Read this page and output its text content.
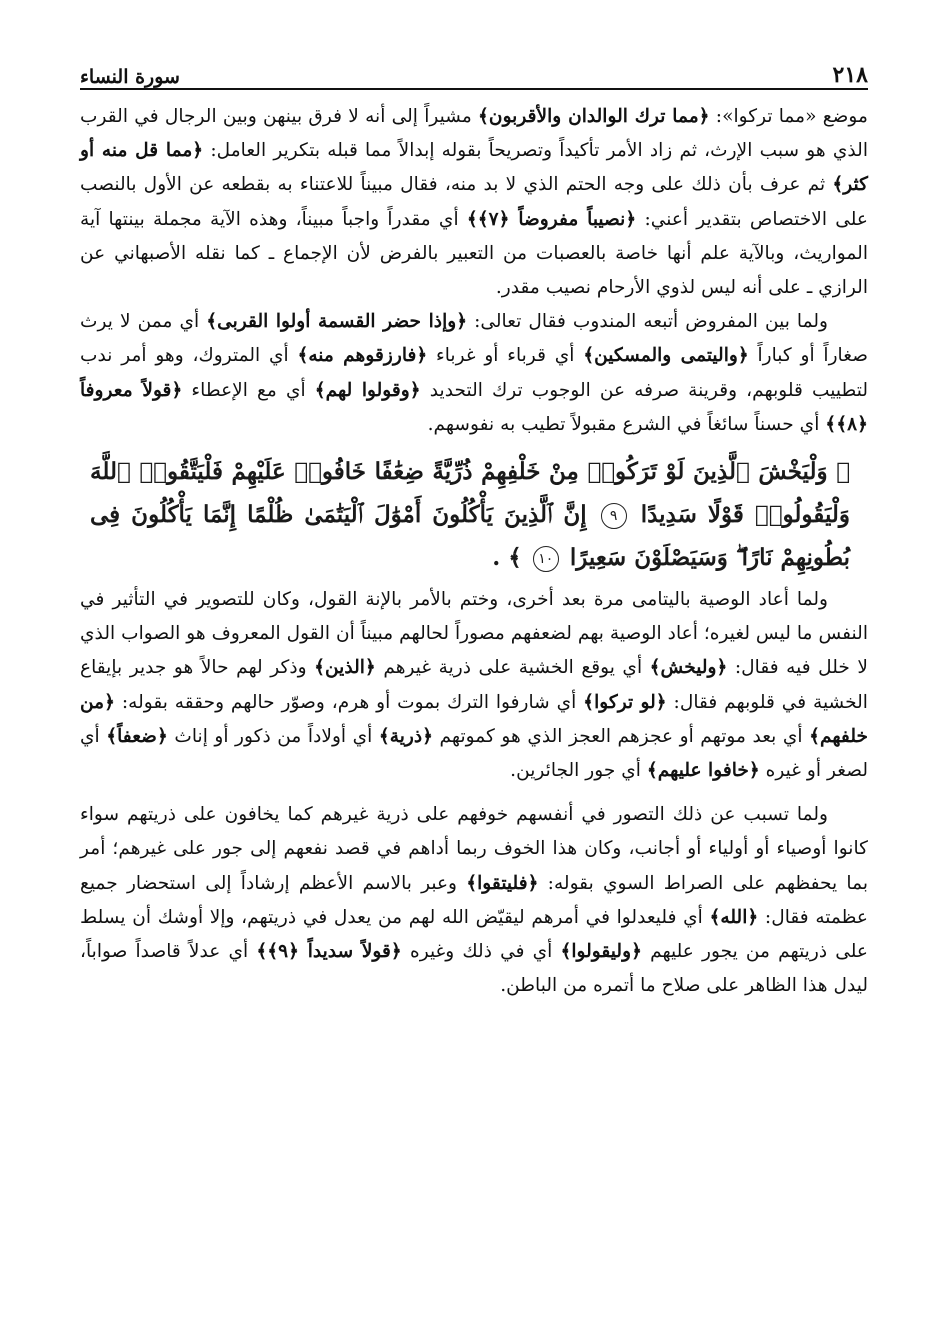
٢١٨
سورة النساء

موضع «مما تركوا»: ﴿مما ترك الوالدان والأقربون﴾ مشيراً إلى أنه لا فرق بينهن وبين الرجال في القرب الذي هو سبب الإرث، ثم زاد الأمر تأكيداً وتصريحاً بقوله إبدالاً مما قبله بتكرير العامل: ﴿مما قل منه أو كثر﴾ ثم عرف بأن ذلك على وجه الحتم الذي لا بد منه، فقال مبيناً للاعتناء به بقطعه عن الأول بالنصب على الاختصاص بتقدير أعني: ﴿نصيباً مفروضاً ﴿٧﴾﴾ أي مقدراً واجباً مبيناً، وهذه الآية مجملة بينتها آية المواريث، وبالآية علم أنها خاصة بالعصبات من التعبير بالفرض لأن الإجماع ـ كما نقله الأصبهاني عن الرازي ـ على أنه ليس لذوي الأرحام نصيب مقدر.

ولما بين المفروض أتبعه المندوب فقال تعالى: ﴿وإذا حضر القسمة أولوا القربى﴾ أي ممن لا يرث صغاراً أو كباراً ﴿واليتمى والمسكين﴾ أي قرباء أو غرباء ﴿فارزقوهم منه﴾ أي المتروك، وهو أمر ندب لتطييب قلوبهم، وقرينة صرفه عن الوجوب ترك التحديد ﴿وقولوا لهم﴾ أي مع الإعطاء ﴿قولاً معروفاً ﴿٨﴾﴾ أي حسناً سائغاً في الشرع مقبولاً تطيب به نفوسهم.

﴿ وَلْيَخْشَ ٱلَّذِينَ لَوْ تَرَكُوا۟ مِنْ خَلْفِهِمْ ذُرِّيَّةً ضِعَٰفًا خَافُوا۟ عَلَيْهِمْ فَلْيَتَّقُوا۟ ٱللَّهَ وَلْيَقُولُوا۟ قَوْلًا سَدِيدًا ٩ إِنَّ ٱلَّذِينَ يَأْكُلُونَ أَمْوَٰلَ ٱلْيَتَٰمَىٰ ظُلْمًا إِنَّمَا يَأْكُلُونَ فِى بُطُونِهِمْ نَارًا ۖ وَسَيَصْلَوْنَ سَعِيرًا ١٠ ﴾ .

ولما أعاد الوصية باليتامى مرة بعد أخرى، وختم بالأمر بالإنة القول، وكان للتصوير في التأثير في النفس ما ليس لغيره؛ أعاد الوصية بهم لضعفهم مصوراً لحالهم مبيناً أن القول المعروف هو الصواب الذي لا خلل فيه فقال: ﴿وليخش﴾ أي يوقع الخشية على ذرية غيرهم ﴿الذين﴾ وذكر لهم حالاً هو جدير بإيقاع الخشية في قلوبهم فقال: ﴿لو تركوا﴾ أي شارفوا الترك بموت أو هرم، وصوّر حالهم وحققه بقوله: ﴿من خلفهم﴾ أي بعد موتهم أو عجزهم العجز الذي هو كموتهم ﴿ذرية﴾ أي أولاداً من ذكور أو إناث ﴿ضعفاً﴾ أي لصغر أو غيره ﴿خافوا عليهم﴾ أي جور الجائرين.

ولما تسبب عن ذلك التصور في أنفسهم خوفهم على ذرية غيرهم كما يخافون على ذريتهم سواء كانوا أوصياء أو أولياء أو أجانب، وكان هذا الخوف ربما أداهم في قصد نفعهم إلى جور على غيرهم؛ أمر بما يحفظهم على الصراط السوي بقوله: ﴿فليتقوا﴾ وعبر بالاسم الأعظم إرشاداً إلى استحضار جميع عظمته فقال: ﴿الله﴾ أي فليعدلوا في أمرهم ليقيّض الله لهم من يعدل في ذريتهم، وإلا أوشك أن يسلط على ذريتهم من يجور عليهم ﴿وليقولوا﴾ أي في ذلك وغيره ﴿قولاً سديداً ﴿٩﴾﴾ أي عدلاً قاصداً صواباً، ليدل هذا الظاهر على صلاح ما أتمره من الباطن.
